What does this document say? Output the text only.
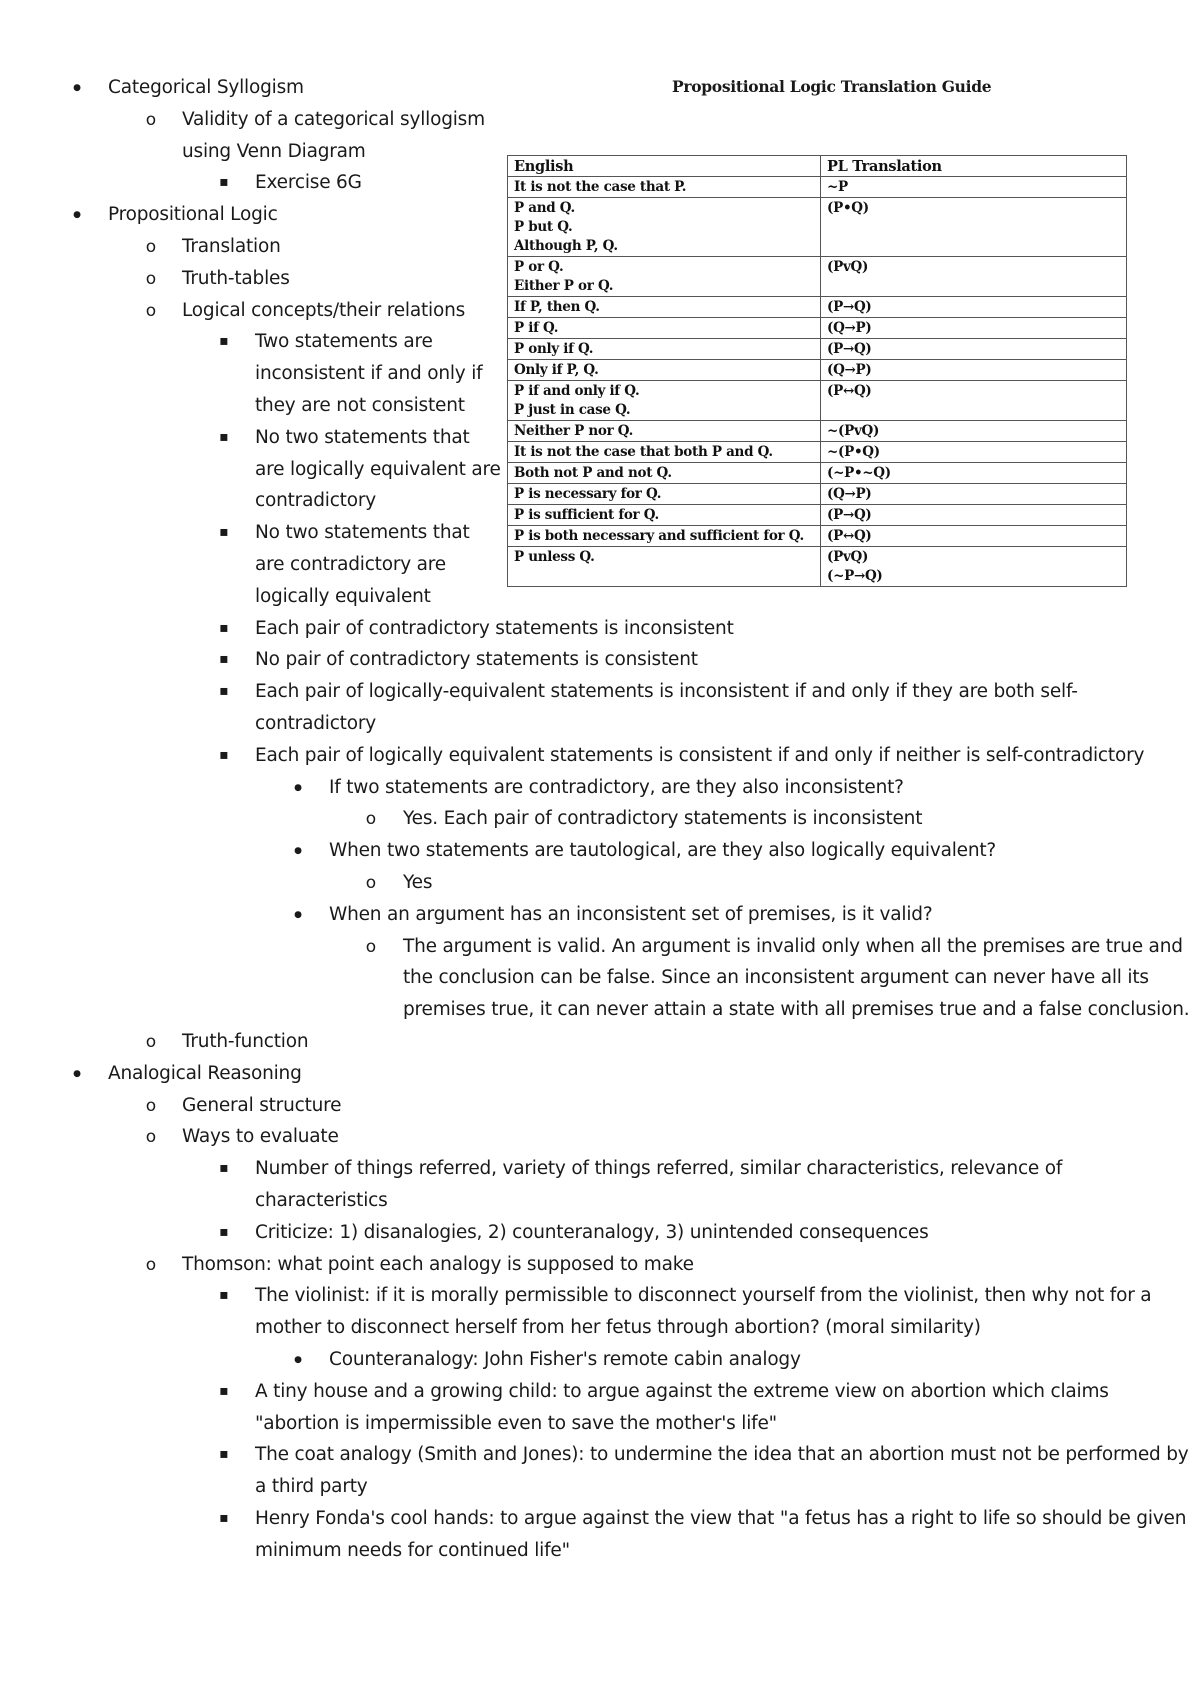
●
Categorical Syllogism
o
Validity of a categorical syllogism
using Venn Diagram
▪
Exercise 6G
●
Propositional Logic
o
Translation
o
Truth-tables
o
Logical concepts/their relations
▪
Two statements are
inconsistent if and only if
they are not consistent
▪
No two statements that
are logically equivalent are
contradictory
▪
No two statements that
are contradictory are
logically equivalent
▪
Each pair of contradictory statements is inconsistent
▪
No pair of contradictory statements is consistent
▪
Each pair of logically-equivalent statements is inconsistent if and only if they are both self-
contradictory
▪
Each pair of logically equivalent statements is consistent if and only if neither is self-contradictory
●
If two statements are contradictory, are they also inconsistent?
o
Yes. Each pair of contradictory statements is inconsistent
●
When two statements are tautological, are they also logically equivalent?
o
Yes
●
When an argument has an inconsistent set of premises, is it valid?
o
The argument is valid. An argument is invalid only when all the premises are true and
the conclusion can be false. Since an inconsistent argument can never have all its
premises true, it can never attain a state with all premises true and a false conclusion.
o
Truth-function
●
Analogical Reasoning
o
General structure
o
Ways to evaluate
▪
Number of things referred, variety of things referred, similar characteristics, relevance of
characteristics
▪
Criticize: 1) disanalogies, 2) counteranalogy, 3) unintended consequences
o
Thomson: what point each analogy is supposed to make
▪
The violinist: if it is morally permissible to disconnect yourself from the violinist, then why not for a
mother to disconnect herself from her fetus through abortion? (moral similarity)
●
Counteranalogy: John Fisher's remote cabin analogy
▪
A tiny house and a growing child: to argue against the extreme view on abortion which claims
"abortion is impermissible even to save the mother's life"
▪
The coat analogy (Smith and Jones): to undermine the idea that an abortion must not be performed by
a third party
▪
Henry Fonda's cool hands: to argue against the view that "a fetus has a right to life so should be given
minimum needs for continued life"
Propositional Logic Translation Guide
English	PL Translation

It is not the case that P.	~P

P and Q.
P but Q.
Although P, Q.	(P•Q)

P or Q.
Either P or Q.	(PvQ)

If P, then Q.	(P→Q)

P if Q.	(Q→P)

P only if Q.	(P→Q)

Only if P, Q.	(Q→P)

P if and only if Q.
P just in case Q.	(P↔Q)

Neither P nor Q.	~(PvQ)

It is not the case that both P and Q.	~(P•Q)

Both not P and not Q.	(~P•~Q)

P is necessary for Q.	(Q→P)

P is sufficient for Q.	(P→Q)

P is both necessary and sufficient for Q.	(P↔Q)

P unless Q.	(PvQ)
(~P→Q)
